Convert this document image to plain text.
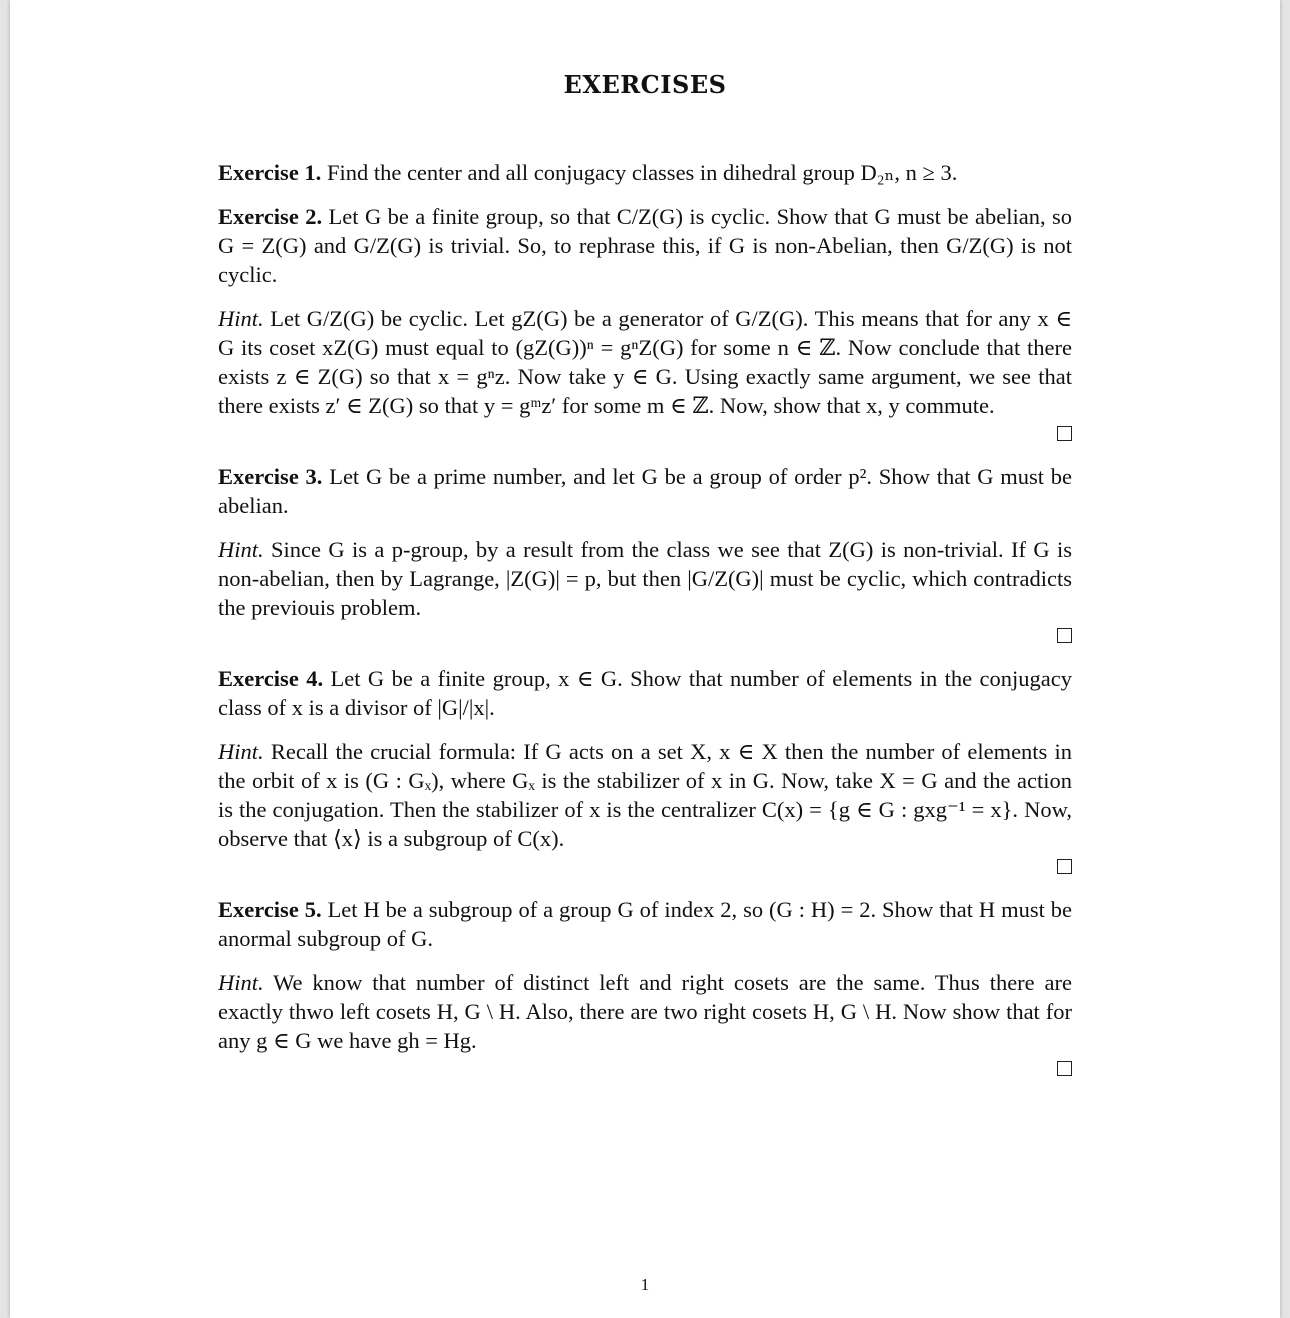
EXERCISES

Exercise 1. Find the center and all conjugacy classes in dihedral group D₂ₙ, n ≥ 3.

Exercise 2. Let G be a finite group, so that C/Z(G) is cyclic. Show that G must be abelian, so G = Z(G) and G/Z(G) is trivial. So, to rephrase this, if G is non-Abelian, then G/Z(G) is not cyclic.

Hint. Let G/Z(G) be cyclic. Let gZ(G) be a generator of G/Z(G). This means that for any x ∈ G its coset xZ(G) must equal to (gZ(G))ⁿ = gⁿZ(G) for some n ∈ ℤ. Now conclude that there exists z ∈ Z(G) so that x = gⁿz. Now take y ∈ G. Using exactly same argument, we see that there exists z′ ∈ Z(G) so that y = gᵐz′ for some m ∈ ℤ. Now, show that x, y commute.

Exercise 3. Let G be a prime number, and let G be a group of order p². Show that G must be abelian.

Hint. Since G is a p-group, by a result from the class we see that Z(G) is non-trivial. If G is non-abelian, then by Lagrange, |Z(G)| = p, but then |G/Z(G)| must be cyclic, which contradicts the previouis problem.

Exercise 4. Let G be a finite group, x ∈ G. Show that number of elements in the conjugacy class of x is a divisor of |G|/|x|.

Hint. Recall the crucial formula: If G acts on a set X, x ∈ X then the number of elements in the orbit of x is (G : Gₓ), where Gₓ is the stabilizer of x in G. Now, take X = G and the action is the conjugation. Then the stabilizer of x is the centralizer C(x) = {g ∈ G : gxg⁻¹ = x}. Now, observe that ⟨x⟩ is a subgroup of C(x).

Exercise 5. Let H be a subgroup of a group G of index 2, so (G : H) = 2. Show that H must be anormal subgroup of G.

Hint. We know that number of distinct left and right cosets are the same. Thus there are exactly thwo left cosets H, G \ H. Also, there are two right cosets H, G \ H. Now show that for any g ∈ G we have gh = Hg.

1
